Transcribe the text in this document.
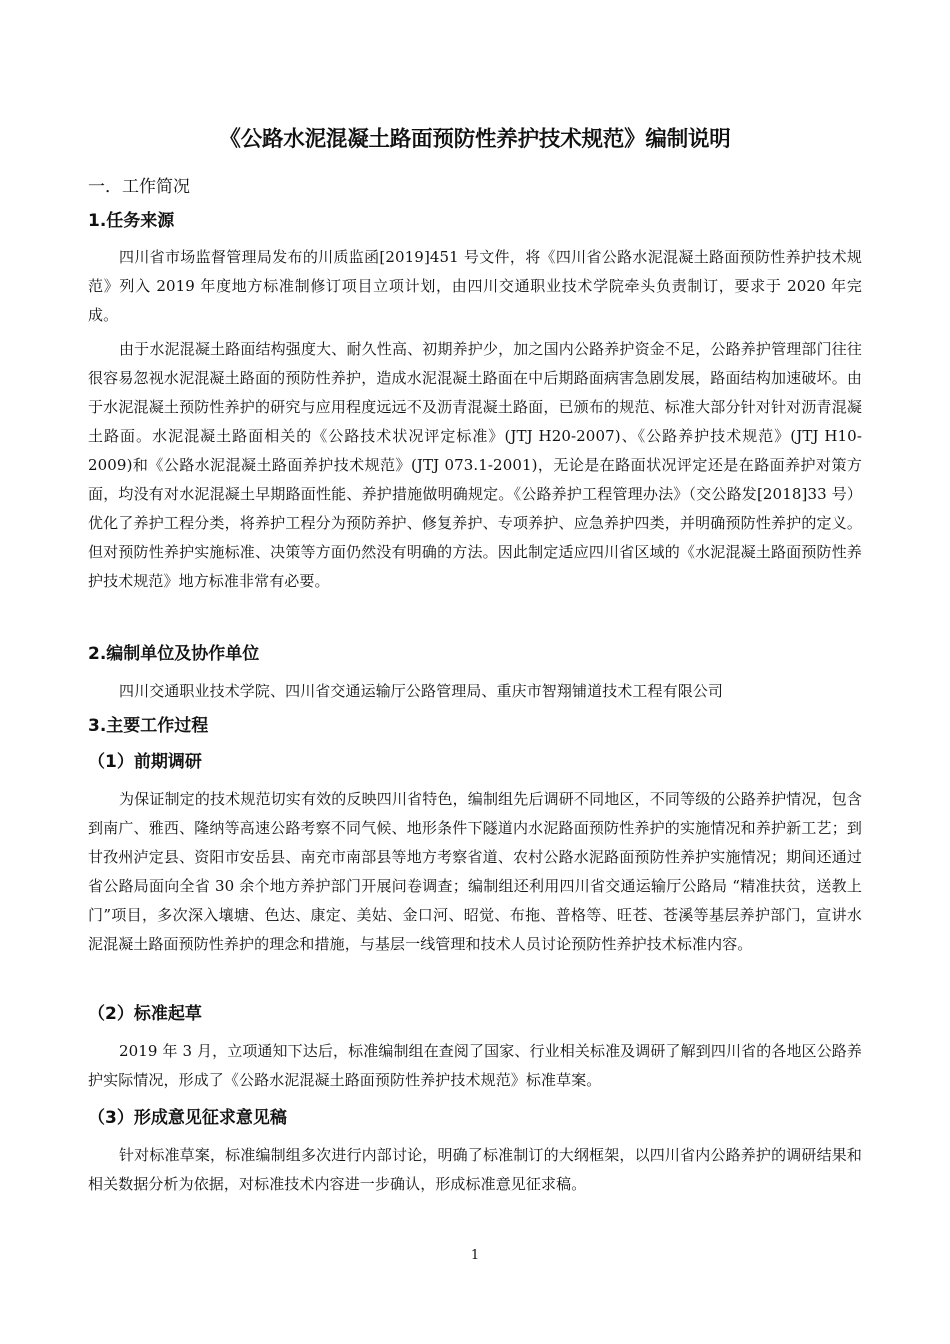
《公路水泥混凝土路面预防性养护技术规范》编制说明
一．工作简况
1.任务来源

四川省市场监督管理局发布的川质监函[2019]451 号文件，将《四川省公路水泥混凝土路面预防性养护技术规范》列入 2019 年度地方标准制修订项目立项计划，由四川交通职业技术学院牵头负责制订，要求于 2020 年完成。

由于水泥混凝土路面结构强度大、耐久性高、初期养护少，加之国内公路养护资金不足，公路养护管理部门往往很容易忽视水泥混凝土路面的预防性养护，造成水泥混凝土路面在中后期路面病害急剧发展，路面结构加速破坏。由于水泥混凝土预防性养护的研究与应用程度远远不及沥青混凝土路面，已颁布的规范、标准大部分针对针对沥青混凝土路面。水泥混凝土路面相关的《公路技术状况评定标准》(JTJ H20-2007)、《公路养护技术规范》(JTJ H10-2009)和《公路水泥混凝土路面养护技术规范》(JTJ 073.1-2001)，无论是在路面状况评定还是在路面养护对策方面，均没有对水泥混凝土早期路面性能、养护措施做明确规定。《公路养护工程管理办法》（交公路发[2018]33 号）优化了养护工程分类，将养护工程分为预防养护、修复养护、专项养护、应急养护四类，并明确预防性养护的定义。但对预防性养护实施标准、决策等方面仍然没有明确的方法。因此制定适应四川省区域的《水泥混凝土路面预防性养护技术规范》地方标准非常有必要。

2.编制单位及协作单位

四川交通职业技术学院、四川省交通运输厅公路管理局、重庆市智翔铺道技术工程有限公司

3.主要工作过程
（1）前期调研

为保证制定的技术规范切实有效的反映四川省特色，编制组先后调研不同地区，不同等级的公路养护情况，包含到南广、雅西、隆纳等高速公路考察不同气候、地形条件下隧道内水泥路面预防性养护的实施情况和养护新工艺；到甘孜州泸定县、资阳市安岳县、南充市南部县等地方考察省道、农村公路水泥路面预防性养护实施情况；期间还通过省公路局面向全省 30 余个地方养护部门开展问卷调查；编制组还利用四川省交通运输厅公路局 “精准扶贫，送教上门”项目，多次深入壤塘、色达、康定、美姑、金口河、昭觉、布拖、普格等、旺苍、苍溪等基层养护部门，宣讲水泥混凝土路面预防性养护的理念和措施，与基层一线管理和技术人员讨论预防性养护技术标准内容。

（2）标准起草

2019 年 3 月，立项通知下达后，标准编制组在查阅了国家、行业相关标准及调研了解到四川省的各地区公路养护实际情况，形成了《公路水泥混凝土路面预防性养护技术规范》标准草案。

（3）形成意见征求意见稿

针对标准草案，标准编制组多次进行内部讨论，明确了标准制订的大纲框架，以四川省内公路养护的调研结果和相关数据分析为依据，对标准技术内容进一步确认，形成标准意见征求稿。

1
